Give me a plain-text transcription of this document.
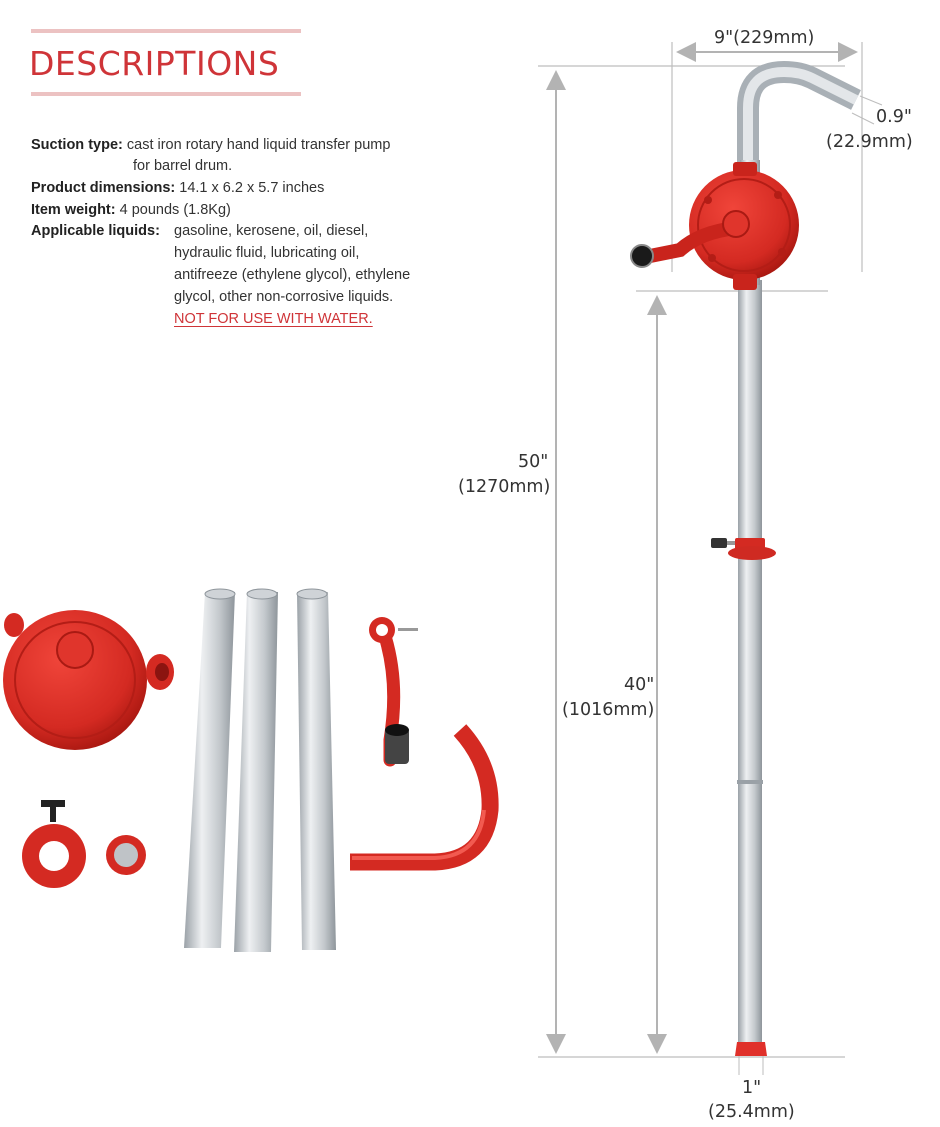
DESCRIPTIONS
Suction type: cast iron rotary hand liquid transfer pump
for barrel drum.
Product dimensions: 14.1 x 6.2 x 5.7 inches
Item weight: 4 pounds (1.8Kg)
Applicable liquids: gasoline, kerosene, oil, diesel,
hydraulic fluid, lubricating oil,
antifreeze (ethylene glycol), ethylene
glycol, other non-corrosive liquids.
NOT FOR USE WITH WATER.
9"(229mm)
0.9"
(22.9mm)
50"
(1270mm)
40"
(1016mm)
1"
(25.4mm)
